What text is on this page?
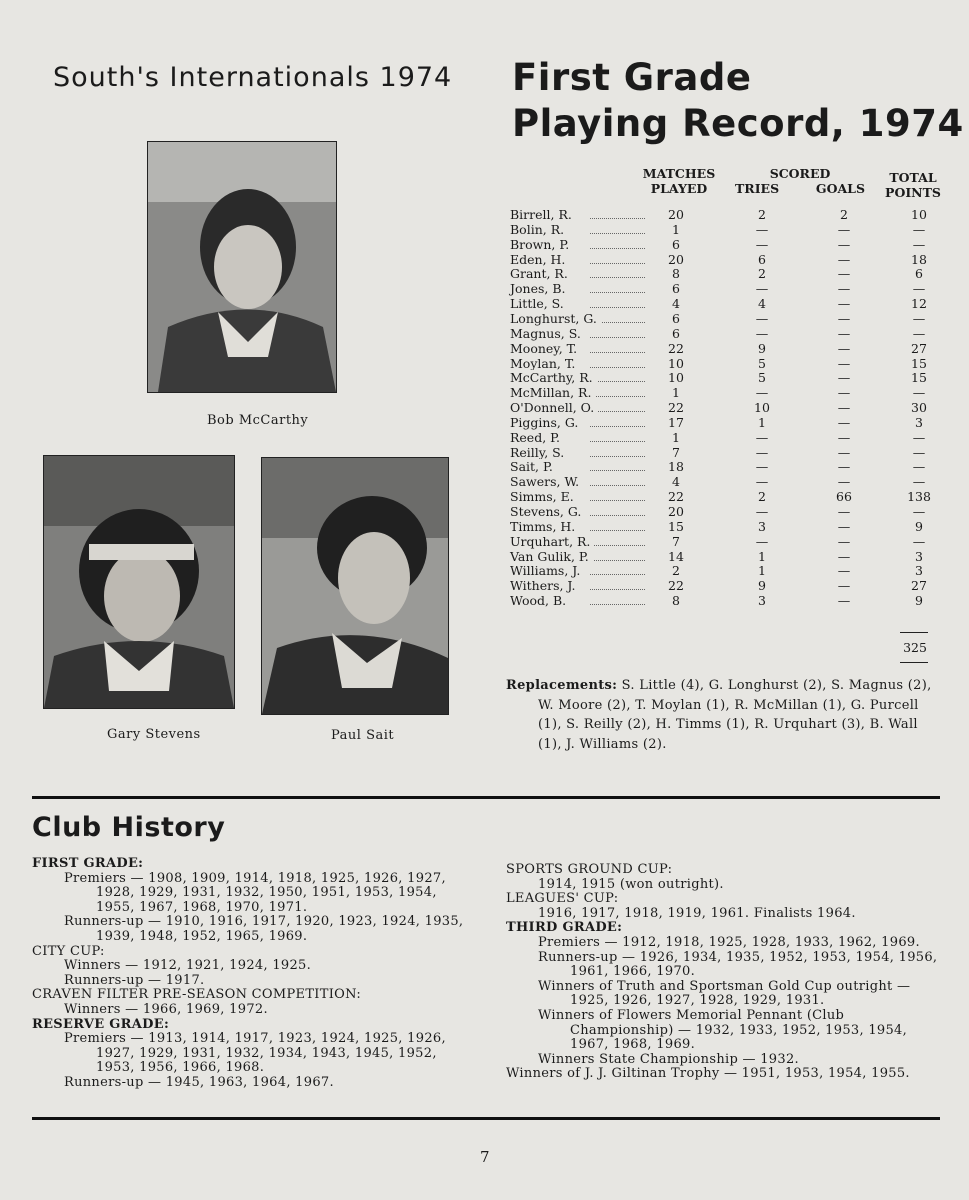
South's Internationals 1974
Bob McCarthy
Gary Stevens	Paul Sait
First Grade
Playing Record, 1974
MATCHES
PLAYED
SCORED
TRIES	GOALS
TOTAL
POINTS
Birrell, R.	20	2	2	10
Bolin, R.	1	—	—	—
Brown, P.	6	—	—	—
Eden, H.	20	6	—	18
Grant, R.	8	2	—	6
Jones, B.	6	—	—	—
Little, S.	4	4	—	12
Longhurst, G.	6	—	—	—
Magnus, S.	6	—	—	—
Mooney, T.	22	9	—	27
Moylan, T.	10	5	—	15
McCarthy, R.	10	5	—	15
McMillan, R.	1	—	—	—
O'Donnell, O.	22	10	—	30
Piggins, G.	17	1	—	3
Reed, P.	1	—	—	—
Reilly, S.	7	—	—	—
Sait, P.	18	—	—	—
Sawers, W.	4	—	—	—
Simms, E.	22	2	66	138
Stevens, G.	20	—	—	—
Timms, H.	15	3	—	9
Urquhart, R.	7	—	—	—
Van Gulik, P.	14	1	—	3
Williams, J.	2	1	—	3
Withers, J.	22	9	—	27
Wood, B.	8	3	—	9
325
Replacements: S. Little (4), G. Longhurst (2), S. Magnus (2), W. Moore (2), T. Moylan (1), R. McMillan (1), G. Purcell (1), S. Reilly (2), H. Timms (1), R. Urquhart (3), B. Wall (1), J. Williams (2).
Club History
FIRST GRADE:
Premiers — 1908, 1909, 1914, 1918, 1925, 1926, 1927, 1928, 1929, 1931, 1932, 1950, 1951, 1953, 1954, 1955, 1967, 1968, 1970, 1971.
Runners-up — 1910, 1916, 1917, 1920, 1923, 1924, 1935, 1939, 1948, 1952, 1965, 1969.
CITY CUP:
Winners — 1912, 1921, 1924, 1925.
Runners-up — 1917.
CRAVEN FILTER PRE-SEASON COMPETITION:
Winners — 1966, 1969, 1972.
RESERVE GRADE:
Premiers — 1913, 1914, 1917, 1923, 1924, 1925, 1926, 1927, 1929, 1931, 1932, 1934, 1943, 1945, 1952, 1953, 1956, 1966, 1968.
Runners-up — 1945, 1963, 1964, 1967.
SPORTS GROUND CUP:
1914, 1915 (won outright).
LEAGUES' CUP:
1916, 1917, 1918, 1919, 1961. Finalists 1964.
THIRD GRADE:
Premiers — 1912, 1918, 1925, 1928, 1933, 1962, 1969.
Runners-up — 1926, 1934, 1935, 1952, 1953, 1954, 1956, 1961, 1966, 1970.
Winners of Truth and Sportsman Gold Cup outright — 1925, 1926, 1927, 1928, 1929, 1931.
Winners of Flowers Memorial Pennant (Club Championship) — 1932, 1933, 1952, 1953, 1954, 1967, 1968, 1969.
Winners State Championship — 1932.
Winners of J. J. Giltinan Trophy — 1951, 1953, 1954, 1955.
7
